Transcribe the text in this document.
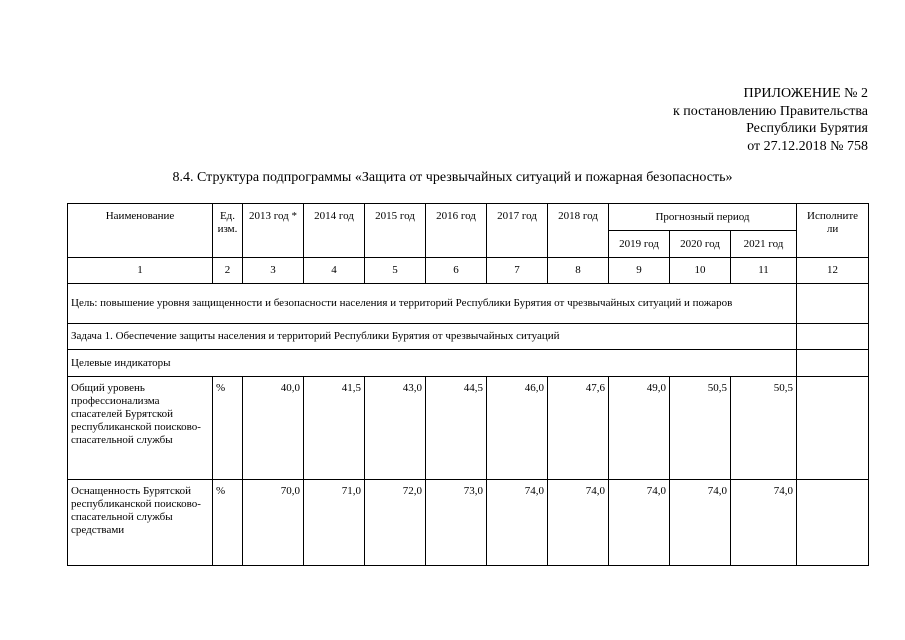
ПРИЛОЖЕНИЕ № 2
к постановлению Правительства
Республики Бурятия
от 27.12.2018 № 758
8.4. Структура подпрограммы «Защита от чрезвычайных ситуаций и пожарная безопасность»
Наименование	Ед. изм.	2013 год *	2014 год	2015 год	2016 год	2017 год	2018 год	Прогнозный период			Исполните ли
								2019 год	2020 год	2021 год	
1	2	3	4	5	6	7	8	9	10	11	12
Цель: повышение уровня защищенности и безопасности населения и территорий Республики Бурятия от чрезвычайных ситуаций и пожаров											
Задача 1. Обеспечение защиты населения и территорий Республики Бурятия от чрезвычайных ситуаций											
Целевые индикаторы											
Общий уровень профессионализма спасателей Бурятской республиканской поисково-спасательной службы	%	40,0	41,5	43,0	44,5	46,0	47,6	49,0	50,5	50,5	
Оснащенность Бурятской республиканской поисково-спасательной службы средствами	%	70,0	71,0	72,0	73,0	74,0	74,0	74,0	74,0	74,0	
